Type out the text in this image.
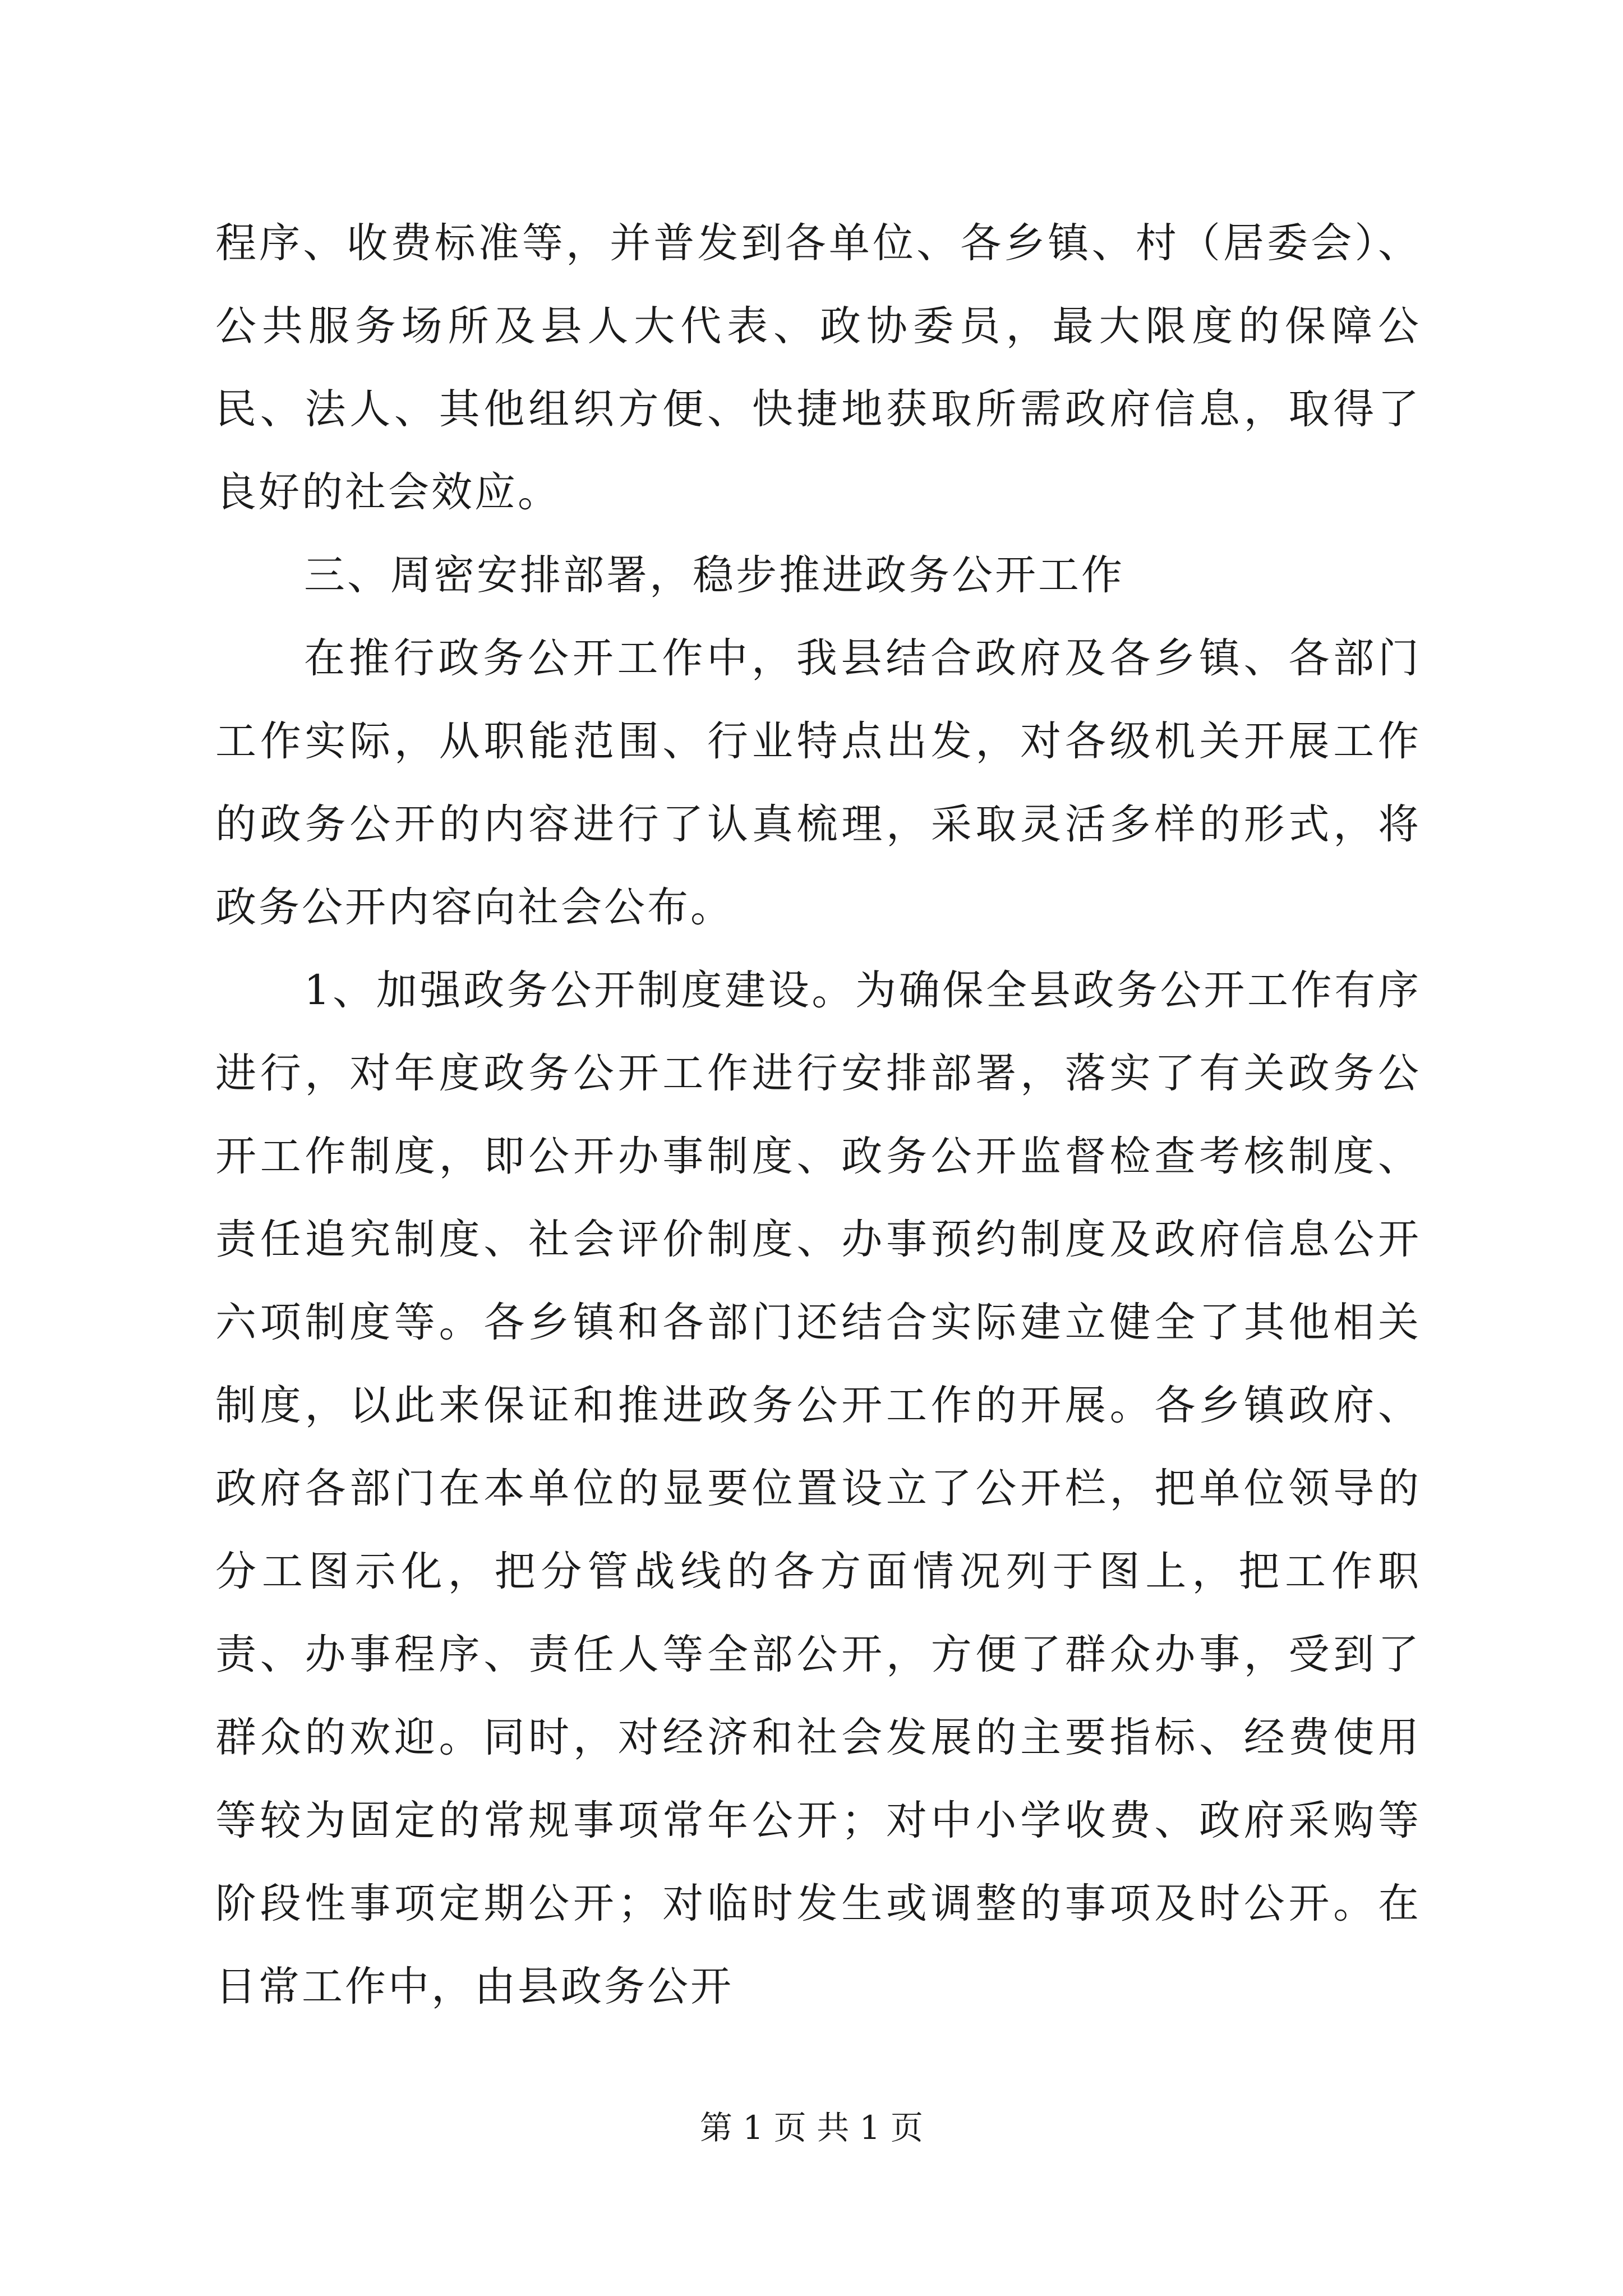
程序、收费标准等，并普发到各单位、各乡镇、村（居委会）、公共服务场所及县人大代表、政协委员，最大限度的保障公民、法人、其他组织方便、快捷地获取所需政府信息，取得了良好的社会效应。

三、周密安排部署，稳步推进政务公开工作

在推行政务公开工作中，我县结合政府及各乡镇、各部门工作实际，从职能范围、行业特点出发，对各级机关开展工作的政务公开的内容进行了认真梳理，采取灵活多样的形式，将政务公开内容向社会公布。

1、加强政务公开制度建设。为确保全县政务公开工作有序进行，对年度政务公开工作进行安排部署，落实了有关政务公开工作制度，即公开办事制度、政务公开监督检查考核制度、责任追究制度、社会评价制度、办事预约制度及政府信息公开六项制度等。各乡镇和各部门还结合实际建立健全了其他相关制度，以此来保证和推进政务公开工作的开展。各乡镇政府、政府各部门在本单位的显要位置设立了公开栏，把单位领导的分工图示化，把分管战线的各方面情况列于图上，把工作职责、办事程序、责任人等全部公开，方便了群众办事，受到了群众的欢迎。同时，对经济和社会发展的主要指标、经费使用等较为固定的常规事项常年公开；对中小学收费、政府采购等阶段性事项定期公开；对临时发生或调整的事项及时公开。在日常工作中，由县政务公开

第 1 页 共 1 页
